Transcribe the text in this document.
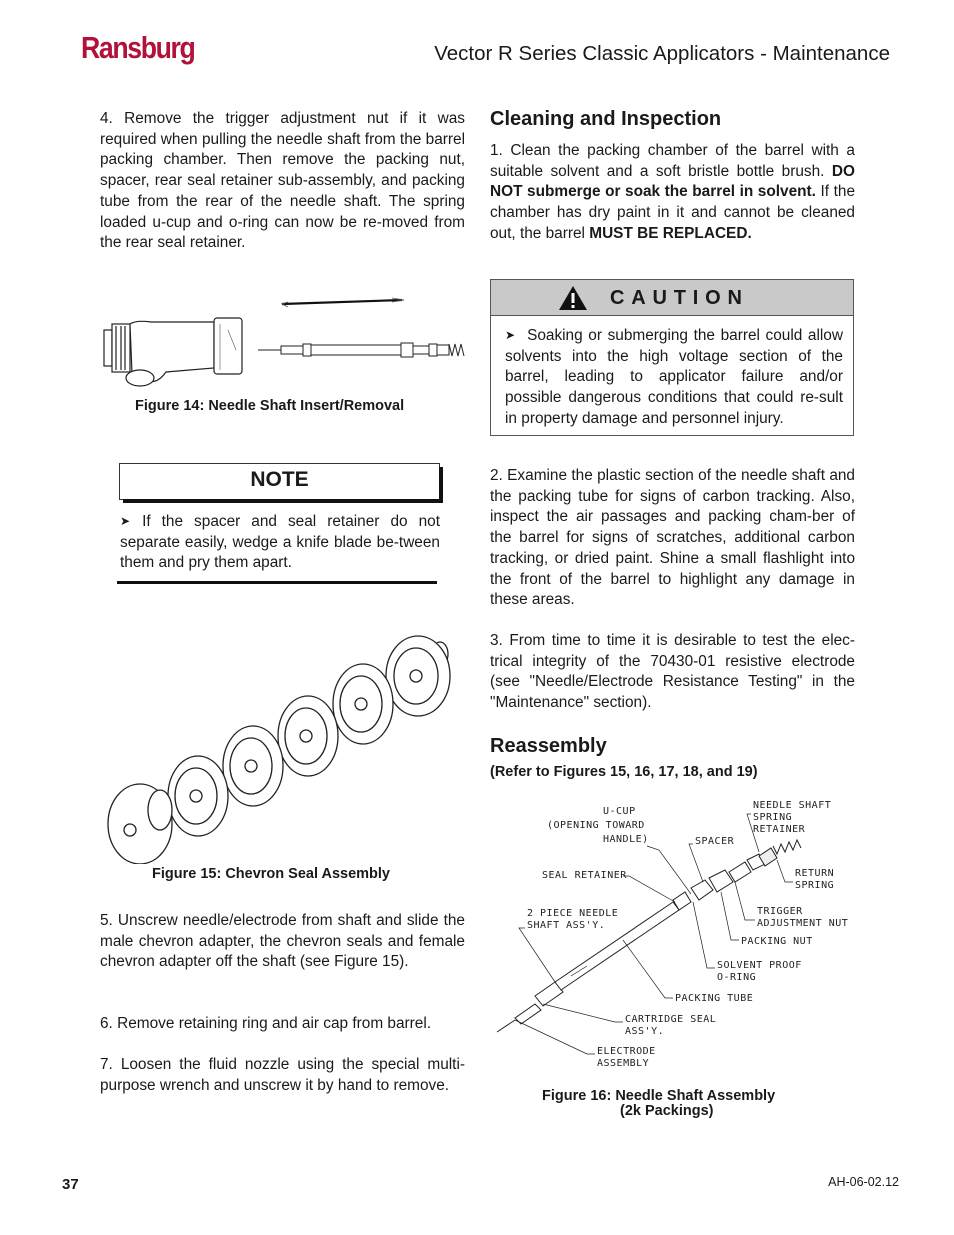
Ransburg	Vector R Series Classic Applicators - Maintenance
4. Remove the trigger adjustment nut if it was required when pulling the needle shaft from the barrel packing chamber. Then remove the packing nut, spacer, rear seal retainer sub-assembly, and packing tube from the rear of the needle shaft. The spring loaded u-cup and o-ring can now be re-moved from the rear seal retainer.
Figure 14: Needle Shaft Insert/Removal
NOTE
➤ If the spacer and seal retainer do not separate easily, wedge a knife blade be-tween them and pry them apart.
Figure 15: Chevron Seal Assembly
5. Unscrew needle/electrode from shaft and slide the male chevron adapter, the chevron seals and female chevron adapter off the shaft (see Figure 15).
6. Remove retaining ring and air cap from barrel.
7. Loosen the fluid nozzle using the special multi-purpose wrench and unscrew it by hand to remove.
Cleaning and Inspection
1. Clean the packing chamber of the barrel with a suitable solvent and a soft bristle bottle brush. DO NOT submerge or soak the barrel in solvent. If the chamber has dry paint in it and cannot be cleaned out, the barrel MUST BE REPLACED.
CAUTION
➤ Soaking or submerging the barrel could allow solvents into the high voltage section of the barrel, leading to applicator failure and/or possible dangerous conditions that could re-sult in property damage and personnel injury.
2. Examine the plastic section of the needle shaft and the packing tube for signs of carbon tracking. Also, inspect the air passages and packing cham-ber of the barrel for signs of scratches, additional carbon tracking, or dried paint. Shine a small flashlight into the front of the barrel to highlight any damage in these areas.
3. From time to time it is desirable to test the elec-trical integrity of the 70430-01 resistive electrode (see "Needle/Electrode Resistance Testing" in the "Maintenance" section).
Reassembly
(Refer to Figures 15, 16, 17, 18, and 19)
U-CUP
(OPENING TOWARD
HANDLE)	SPACER
NEEDLE SHAFT
SPRING
RETAINER
SEAL RETAINER	RETURN
SPRING
2 PIECE NEEDLE
SHAFT ASS'Y.
TRIGGER
ADJUSTMENT NUT
PACKING NUT
SOLVENT PROOF
O-RING
PACKING TUBE
CARTRIDGE SEAL
ASS'Y.
ELECTRODE
ASSEMBLY
Figure 16: Needle Shaft Assembly
(2k Packings)
37	AH-06-02.12
